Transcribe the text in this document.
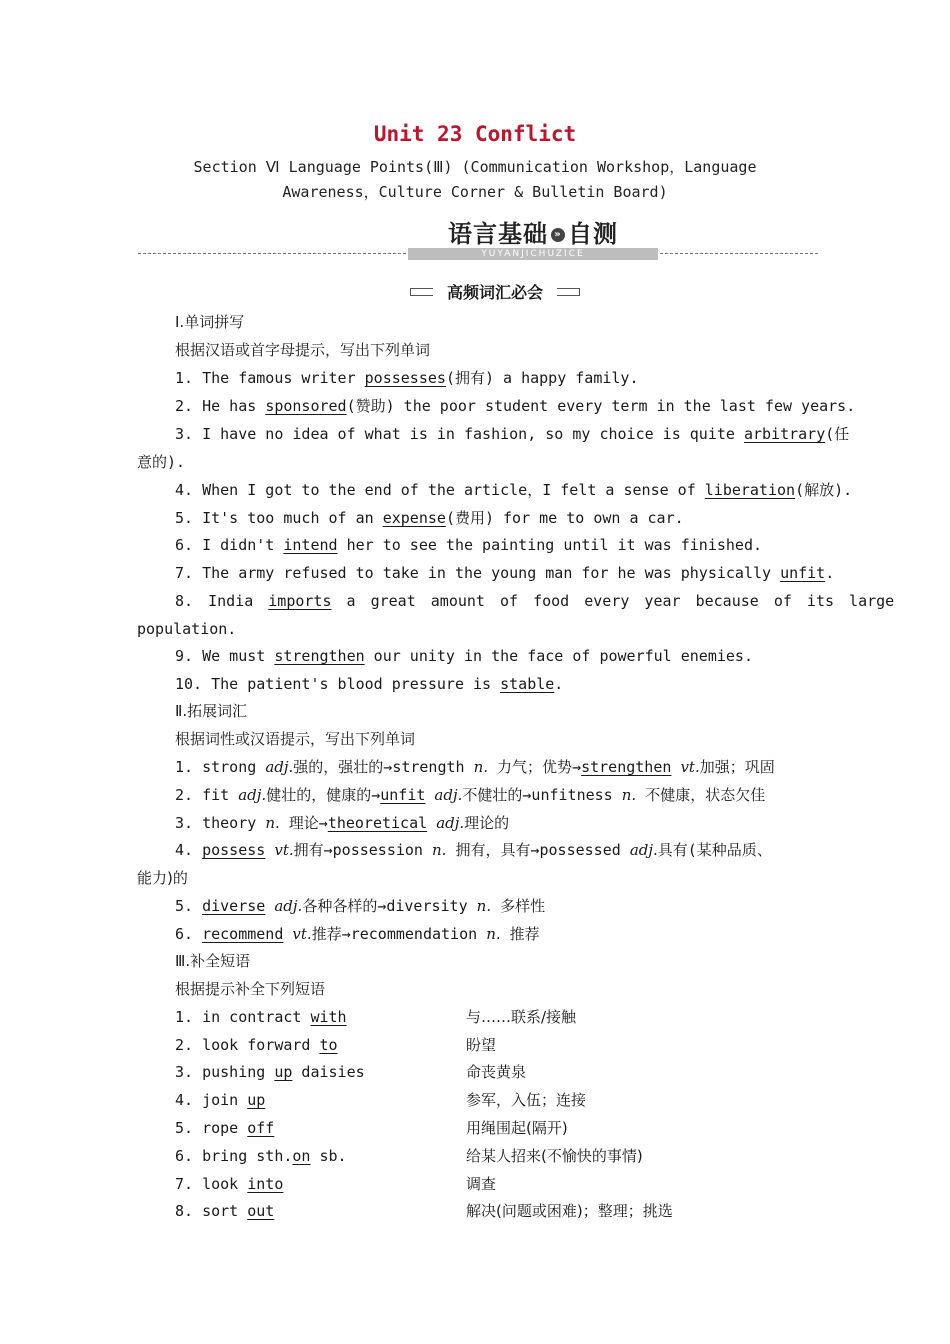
Unit 23 Conflict
Section Ⅵ Language Points(Ⅲ) (Communication Workshop，Language
Awareness，Culture Corner & Bulletin Board)
语言基础 » 自测
YUYANJICHUZICE
高频词汇必会
Ⅰ.单词拼写
根据汉语或首字母提示，写出下列单词
1. The famous writer possesses(拥有) a happy family.
2. He has sponsored(赞助) the poor student every term in the last few years.
3. I have no idea of what is in fashion, so my choice is quite arbitrary(任
意的).
4. When I got to the end of the article，I felt a sense of liberation(解放).
5. It's too much of an expense(费用) for me to own a car.
6. I didn't intend her to see the painting until it was finished.
7. The army refused to take in the young man for he was physically unfit.
8. India imports a great amount of food every year because of its large
population.
9. We must strengthen our unity in the face of powerful enemies.
10. The patient's blood pressure is stable.
Ⅱ.拓展词汇
根据词性或汉语提示，写出下列单词
1. strong adj.强的，强壮的→strength n. 力气；优势→strengthen vt.加强；巩固
2. fit adj.健壮的，健康的→unfit adj.不健壮的→unfitness n. 不健康，状态欠佳
3. theory n. 理论→theoretical adj.理论的
4. possess vt.拥有→possession n. 拥有，具有→possessed adj.具有(某种品质、
能力)的
5. diverse adj.各种各样的→diversity n. 多样性
6. recommend vt.推荐→recommendation n. 推荐
Ⅲ.补全短语
根据提示补全下列短语
1. in contract with	与……联系/接触
2. look forward to	盼望
3. pushing up daisies	命丧黄泉
4. join up	参军，入伍；连接
5. rope off	用绳围起(隔开)
6. bring sth.on sb.	给某人招来(不愉快的事情)
7. look into	调查
8. sort out	解决(问题或困难)；整理；挑选
